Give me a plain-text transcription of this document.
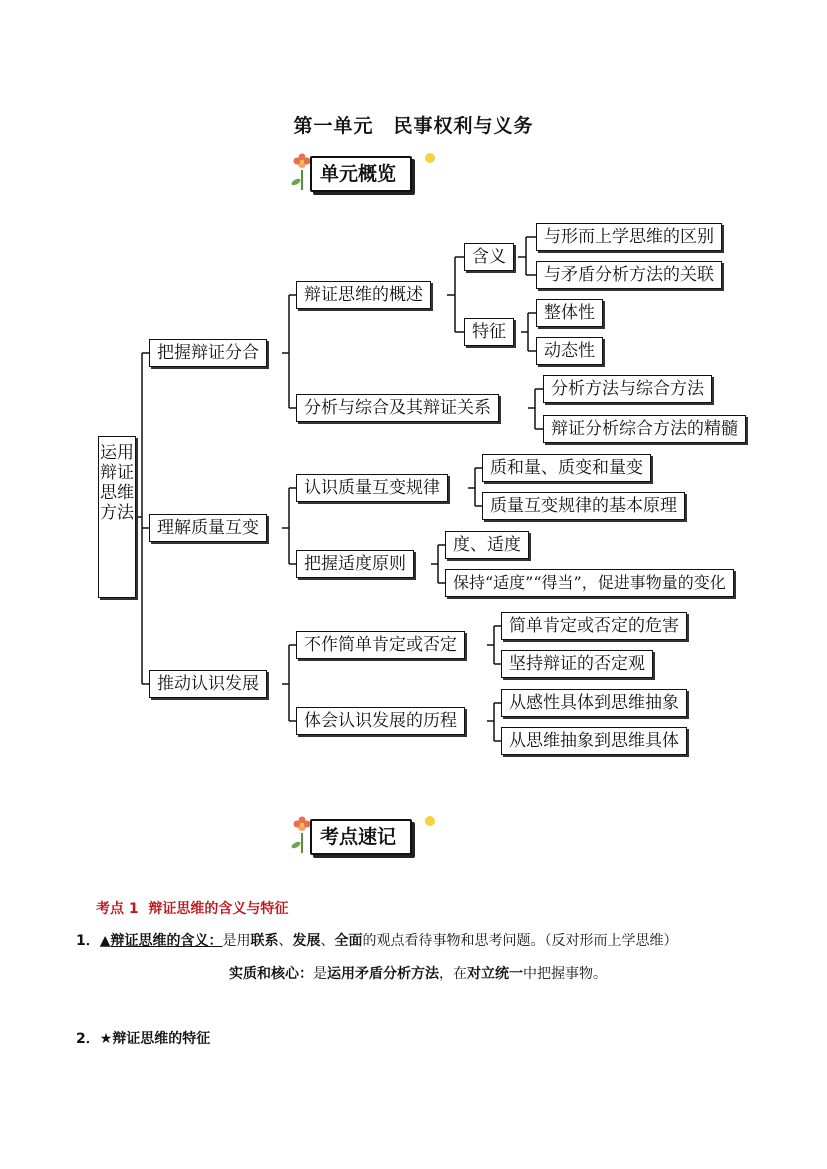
第一单元　民事权利与义务
单元概览
运用辩证思维方法
把握辩证分合
理解质量互变
推动认识发展
辩证思维的概述
分析与综合及其辩证关系
认识质量互变规律
把握适度原则
不作简单肯定或否定
体会认识发展的历程
含义
特征
与形而上学思维的区别
与矛盾分析方法的关联
整体性
动态性
分析方法与综合方法
辩证分析综合方法的精髓
质和量、质变和量变
质量互变规律的基本原理
度、适度
保持“适度”“得当”，促进事物量的变化
简单肯定或否定的危害
坚持辩证的否定观
从感性具体到思维抽象
从思维抽象到思维具体
考点速记
考点 1  辩证思维的含义与特征
1．▲辩证思维的含义：是用联系、发展、全面的观点看待事物和思考问题。（反对形而上学思维）
实质和核心：是运用矛盾分析方法，在对立统一中把握事物。
2．★辩证思维的特征
